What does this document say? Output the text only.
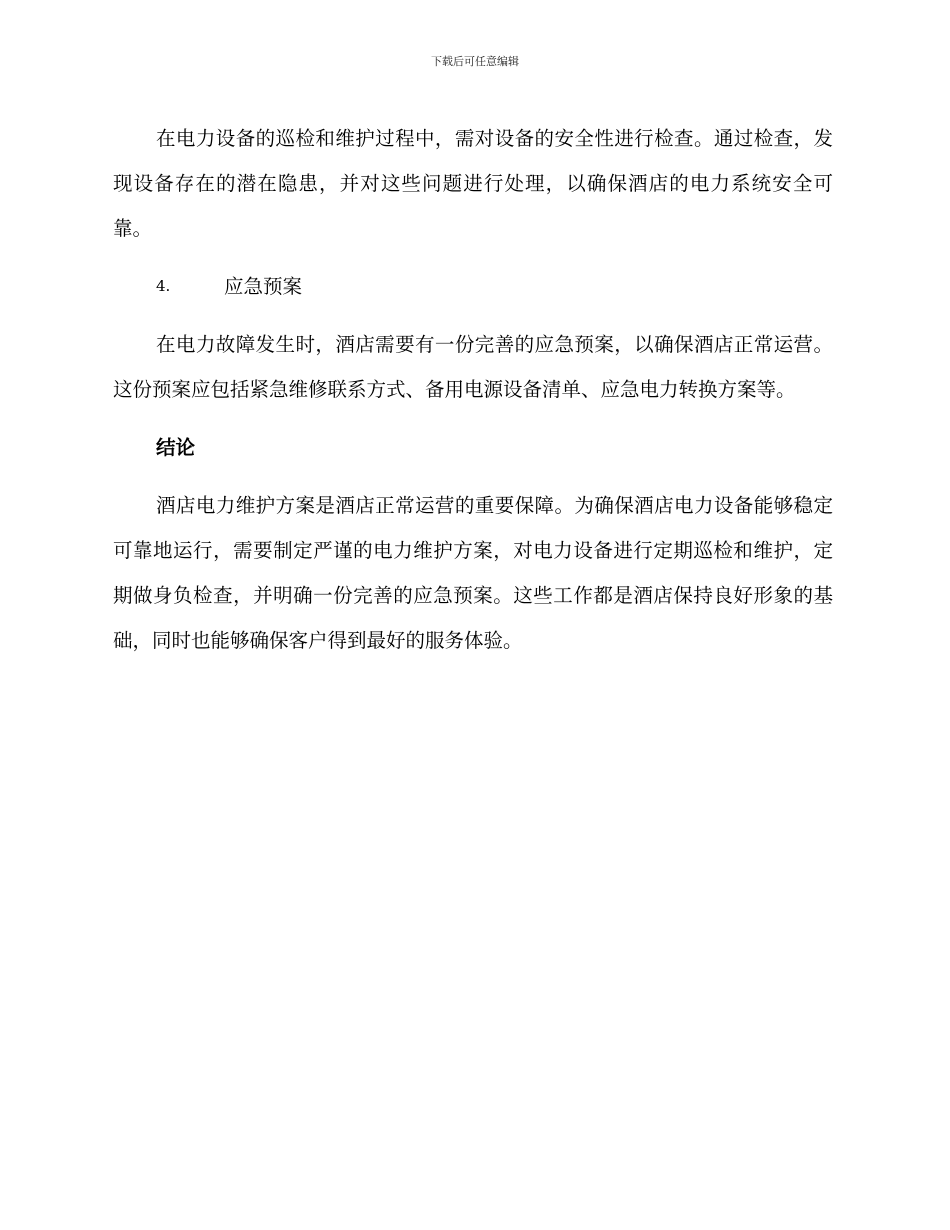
下载后可任意编辑

在电力设备的巡检和维护过程中，需对设备的安全性进行检查。通过检查，发现设备存在的潜在隐患，并对这些问题进行处理，以确保酒店的电力系统安全可靠。

4.	应急预案

在电力故障发生时，酒店需要有一份完善的应急预案，以确保酒店正常运营。这份预案应包括紧急维修联系方式、备用电源设备清单、应急电力转换方案等。

结论

酒店电力维护方案是酒店正常运营的重要保障。为确保酒店电力设备能够稳定可靠地运行，需要制定严谨的电力维护方案，对电力设备进行定期巡检和维护，定期做身负检查，并明确一份完善的应急预案。这些工作都是酒店保持良好形象的基础，同时也能够确保客户得到最好的服务体验。
